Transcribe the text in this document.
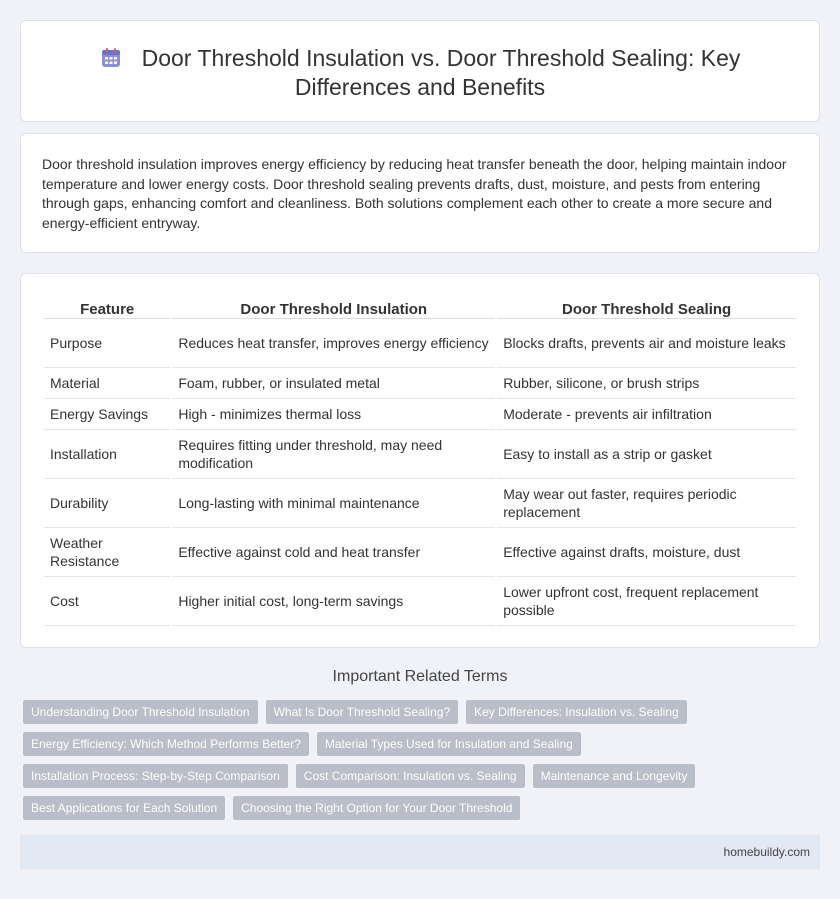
Door Threshold Insulation vs. Door Threshold Sealing: Key Differences and Benefits

Door threshold insulation improves energy efficiency by reducing heat transfer beneath the door, helping maintain indoor temperature and lower energy costs. Door threshold sealing prevents drafts, dust, moisture, and pests from entering through gaps, enhancing comfort and cleanliness. Both solutions complement each other to create a more secure and energy-efficient entryway.

Feature	Door Threshold Insulation	Door Threshold Sealing
Purpose	Reduces heat transfer, improves energy efficiency	Blocks drafts, prevents air and moisture leaks
Material	Foam, rubber, or insulated metal	Rubber, silicone, or brush strips
Energy Savings	High - minimizes thermal loss	Moderate - prevents air infiltration
Installation	Requires fitting under threshold, may need modification	Easy to install as a strip or gasket
Durability	Long-lasting with minimal maintenance	May wear out faster, requires periodic replacement
Weather Resistance	Effective against cold and heat transfer	Effective against drafts, moisture, dust
Cost	Higher initial cost, long-term savings	Lower upfront cost, frequent replacement possible
Important Related Terms
Understanding Door Threshold Insulation	What Is Door Threshold Sealing?	Key Differences: Insulation vs. Sealing
Energy Efficiency: Which Method Performs Better?	Material Types Used for Insulation and Sealing
Installation Process: Step-by-Step Comparison	Cost Comparison: Insulation vs. Sealing	Maintenance and Longevity
Best Applications for Each Solution	Choosing the Right Option for Your Door Threshold
homebuildy.com
